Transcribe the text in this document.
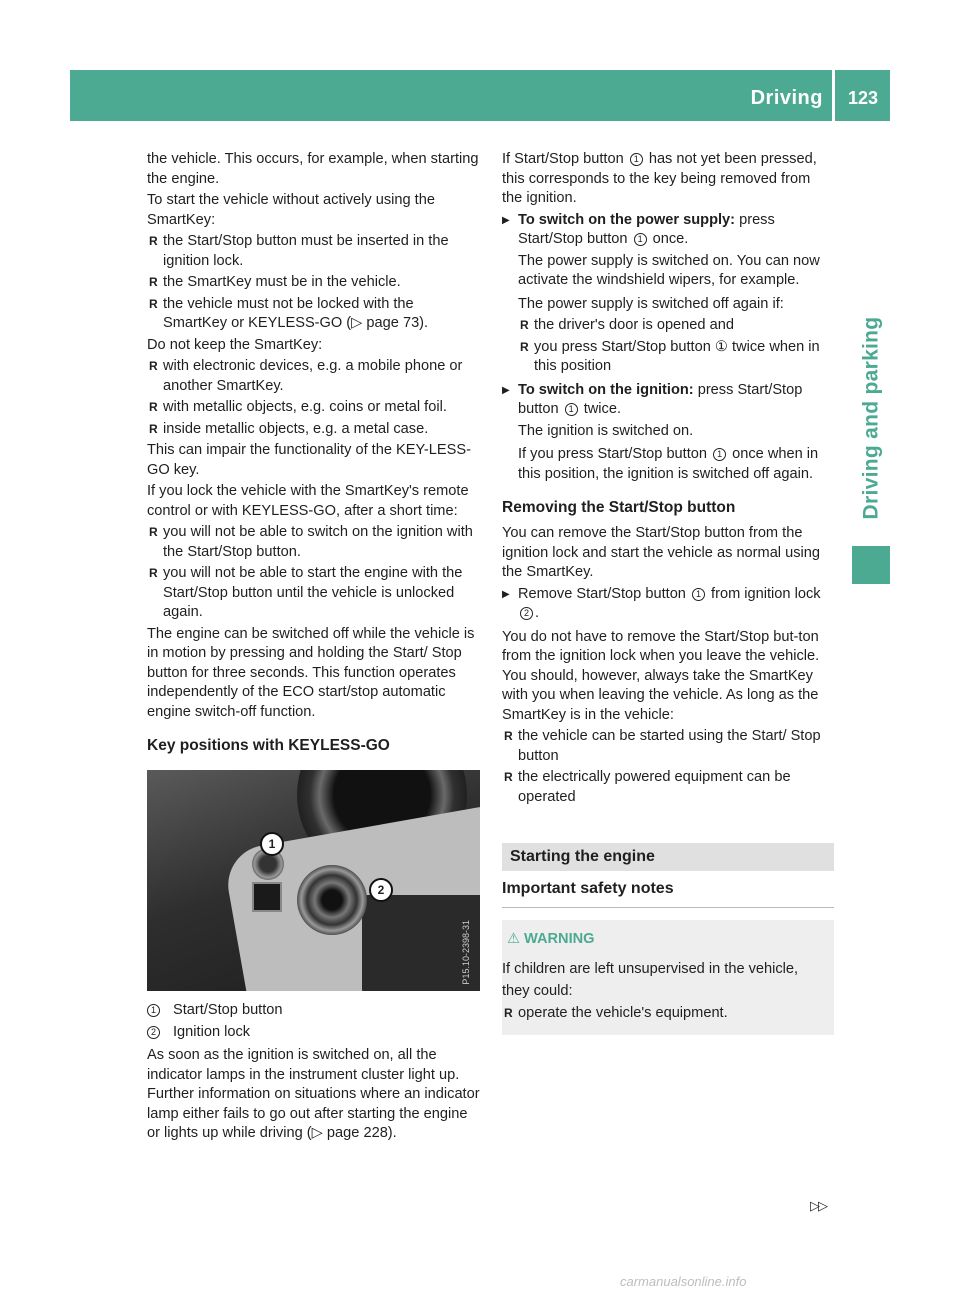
Driving	123
Driving and parking

the vehicle. This occurs, for example, when starting the engine.

To start the vehicle without actively using the SmartKey:

R the Start/Stop button must be inserted in the ignition lock.
R the SmartKey must be in the vehicle.
R the vehicle must not be locked with the SmartKey or KEYLESS-GO (▷ page 73).

Do not keep the SmartKey:

R with electronic devices, e.g. a mobile phone or another SmartKey.
R with metallic objects, e.g. coins or metal foil.
R inside metallic objects, e.g. a metal case.

This can impair the functionality of the KEY-LESS-GO key.

If you lock the vehicle with the SmartKey's remote control or with KEYLESS-GO, after a short time:

R you will not be able to switch on the ignition with the Start/Stop button.
R you will not be able to start the engine with the Start/Stop button until the vehicle is unlocked again.

The engine can be switched off while the vehicle is in motion by pressing and holding the Start/ Stop button for three seconds. This function operates independently of the ECO start/stop automatic engine switch-off function.

Key positions with KEYLESS-GO
1
2
P15.10-2398-31
1 Start/Stop button
2 Ignition lock

As soon as the ignition is switched on, all the indicator lamps in the instrument cluster light up. Further information on situations where an indicator lamp either fails to go out after starting the engine or lights up while driving (▷ page 228).

If Start/Stop button 1 has not yet been pressed, this corresponds to the key being removed from the ignition.

▶ To switch on the power supply: press Start/Stop button 1 once.
The power supply is switched on. You can now activate the windshield wipers, for example.
The power supply is switched off again if:
R the driver's door is opened and
R you press Start/Stop button ① twice when in this position
▶ To switch on the ignition: press Start/Stop button 1 twice.
The ignition is switched on.
If you press Start/Stop button 1 once when in this position, the ignition is switched off again.
Removing the Start/Stop button

You can remove the Start/Stop button from the ignition lock and start the vehicle as normal using the SmartKey.

▶ Remove Start/Stop button 1 from ignition lock 2 .

You do not have to remove the Start/Stop but-ton from the ignition lock when you leave the vehicle. You should, however, always take the SmartKey with you when leaving the vehicle. As long as the SmartKey is in the vehicle:

R the vehicle can be started using the Start/ Stop button
R the electrically powered equipment can be operated
Starting the engine
Important safety notes
⚠ WARNING

If children are left unsupervised in the vehicle, they could:

R operate the vehicle's equipment.
▷▷
carmanualsonline.info
